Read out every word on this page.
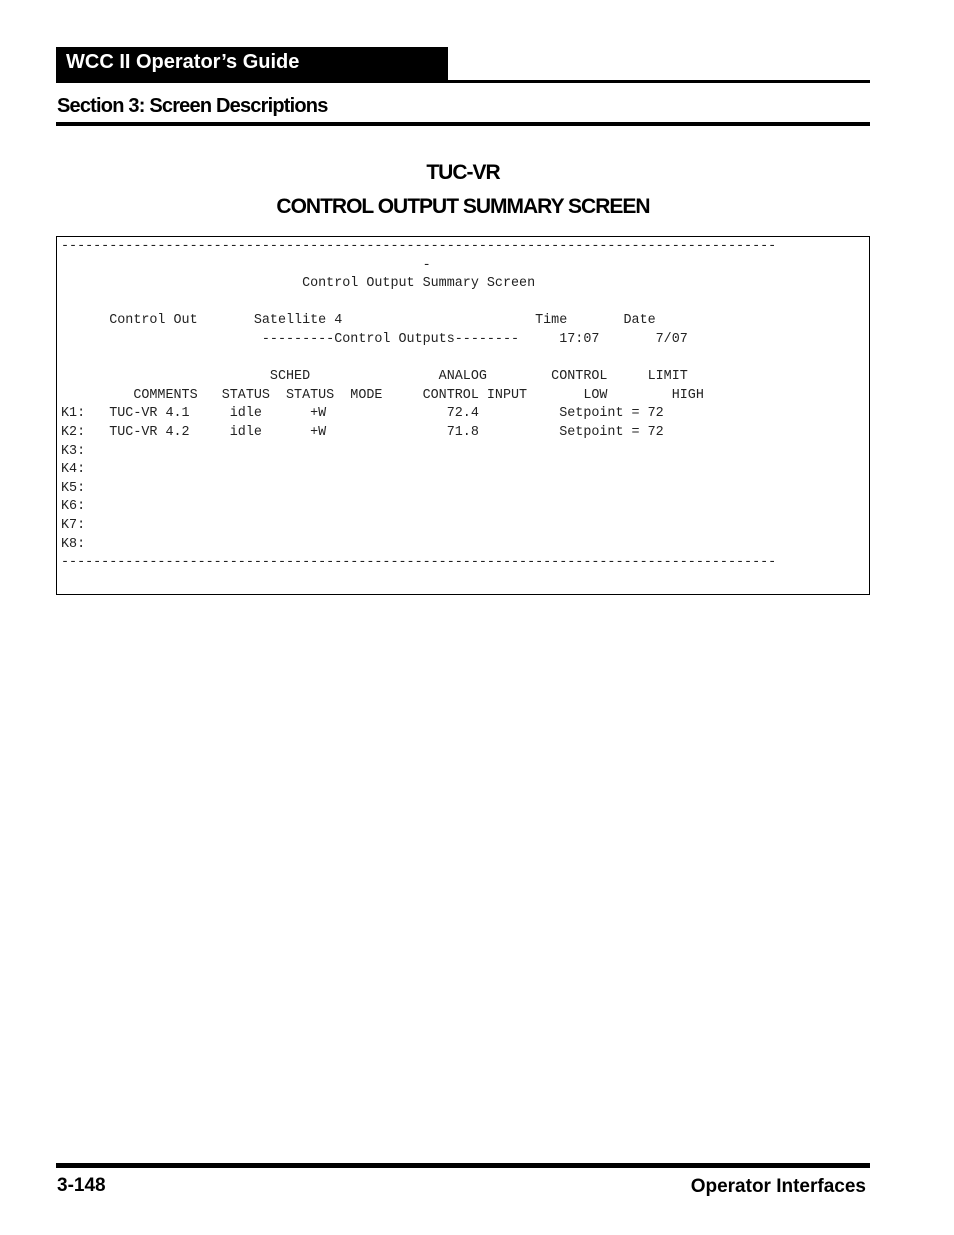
WCC II Operator’s Guide
Section 3: Screen Descriptions
TUC-VR
CONTROL OUTPUT SUMMARY SCREEN
-----------------------------------------------------------------------------------------
-
Control Output Summary Screen

Control Out       Satellite 4                        Time       Date
---------Control Outputs--------     17:07       7/07

SCHED                ANALOG        CONTROL     LIMIT
COMMENTS   STATUS  STATUS  MODE     CONTROL INPUT       LOW        HIGH
K1:   TUC-VR 4.1     idle      +W               72.4          Setpoint = 72
K2:   TUC-VR 4.2     idle      +W               71.8          Setpoint = 72
K3:
K4:
K5:
K6:
K7:
K8:
-----------------------------------------------------------------------------------------

3-148	Operator Interfaces
